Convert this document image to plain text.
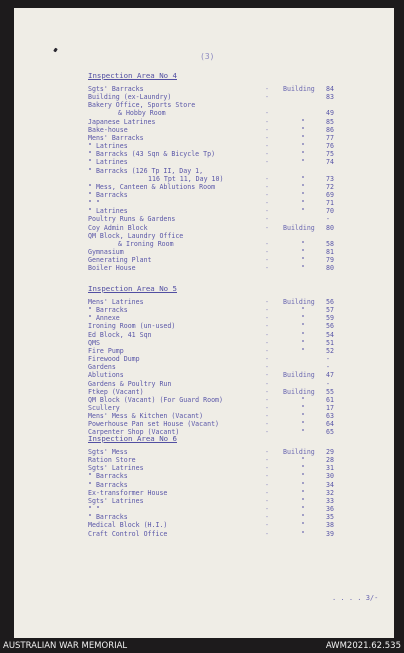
(3)
Inspection Area No 4
Sgts' Barracks	- Building 84
Building (ex-Laundry)	-	83
Bakery Office, Sports Store
& Hobby Room	-	49
Japanese Latrines	-	"	85
Bake-house	-	"	86
Mens' Barracks	-	"	77
" Latrines	-	"	76
" Barracks (43 Sqn & Bicycle Tp)	-	"	75
" Latrines	-	"	74
" Barracks (126 Tp II, Day 1,
116 Tpt 11, Day 10)	-	"	73
" Mess, Canteen & Ablutions Room	-	"	72
" Barracks	-	"	69
" "	-	"	71
" Latrines	-	"	70
Poultry Runs & Gardens	-	-
Coy Admin Block	- Building 80
QM Block, Laundry Office
& Ironing Room	-	"	58
Gymnasium	-	"	81
Generating Plant	-	"	79
Boiler House	-	"	80
Inspection Area No 5
Mens' Latrines	- Building 56
" Barracks	-	"	57
" Annexe	-	"	59
Ironing Room (un-used)	-	"	56
Ed Block, 41 Sqn	-	"	54
QMS	-	"	51
Fire Pump	-	"	52
Firewood Dump	-	-
Gardens	-	-
Ablutions	- Building 47
Gardens & Poultry Run	-	-
Ftkep (Vacant)	- Building 55
QM Block (Vacant) (For Guard Room)	-	"	61
Scullery	-	"	17
Mens' Mess & Kitchen (Vacant)	-	"	63
Powerhouse Pan set House (Vacant)	-	"	64
Carpenter Shop (Vacant)	-	"	65
Inspection Area No 6
Sgts' Mess	- Building 29
Ration Store	-	"	28
Sgts' Latrines	-	"	31
" Barracks	-	"	30
" Barracks	-	"	34
Ex-transformer House	-	"	32
Sgts' Latrines	-	"	33
" "	-	"	36
" Barracks	-	"	35
Medical Block (H.I.)	-	"	38
Craft Control Office	-	"	39
. . . . 3/-
AUSTRALIAN WAR MEMORIAL	AWM2021.62.535
